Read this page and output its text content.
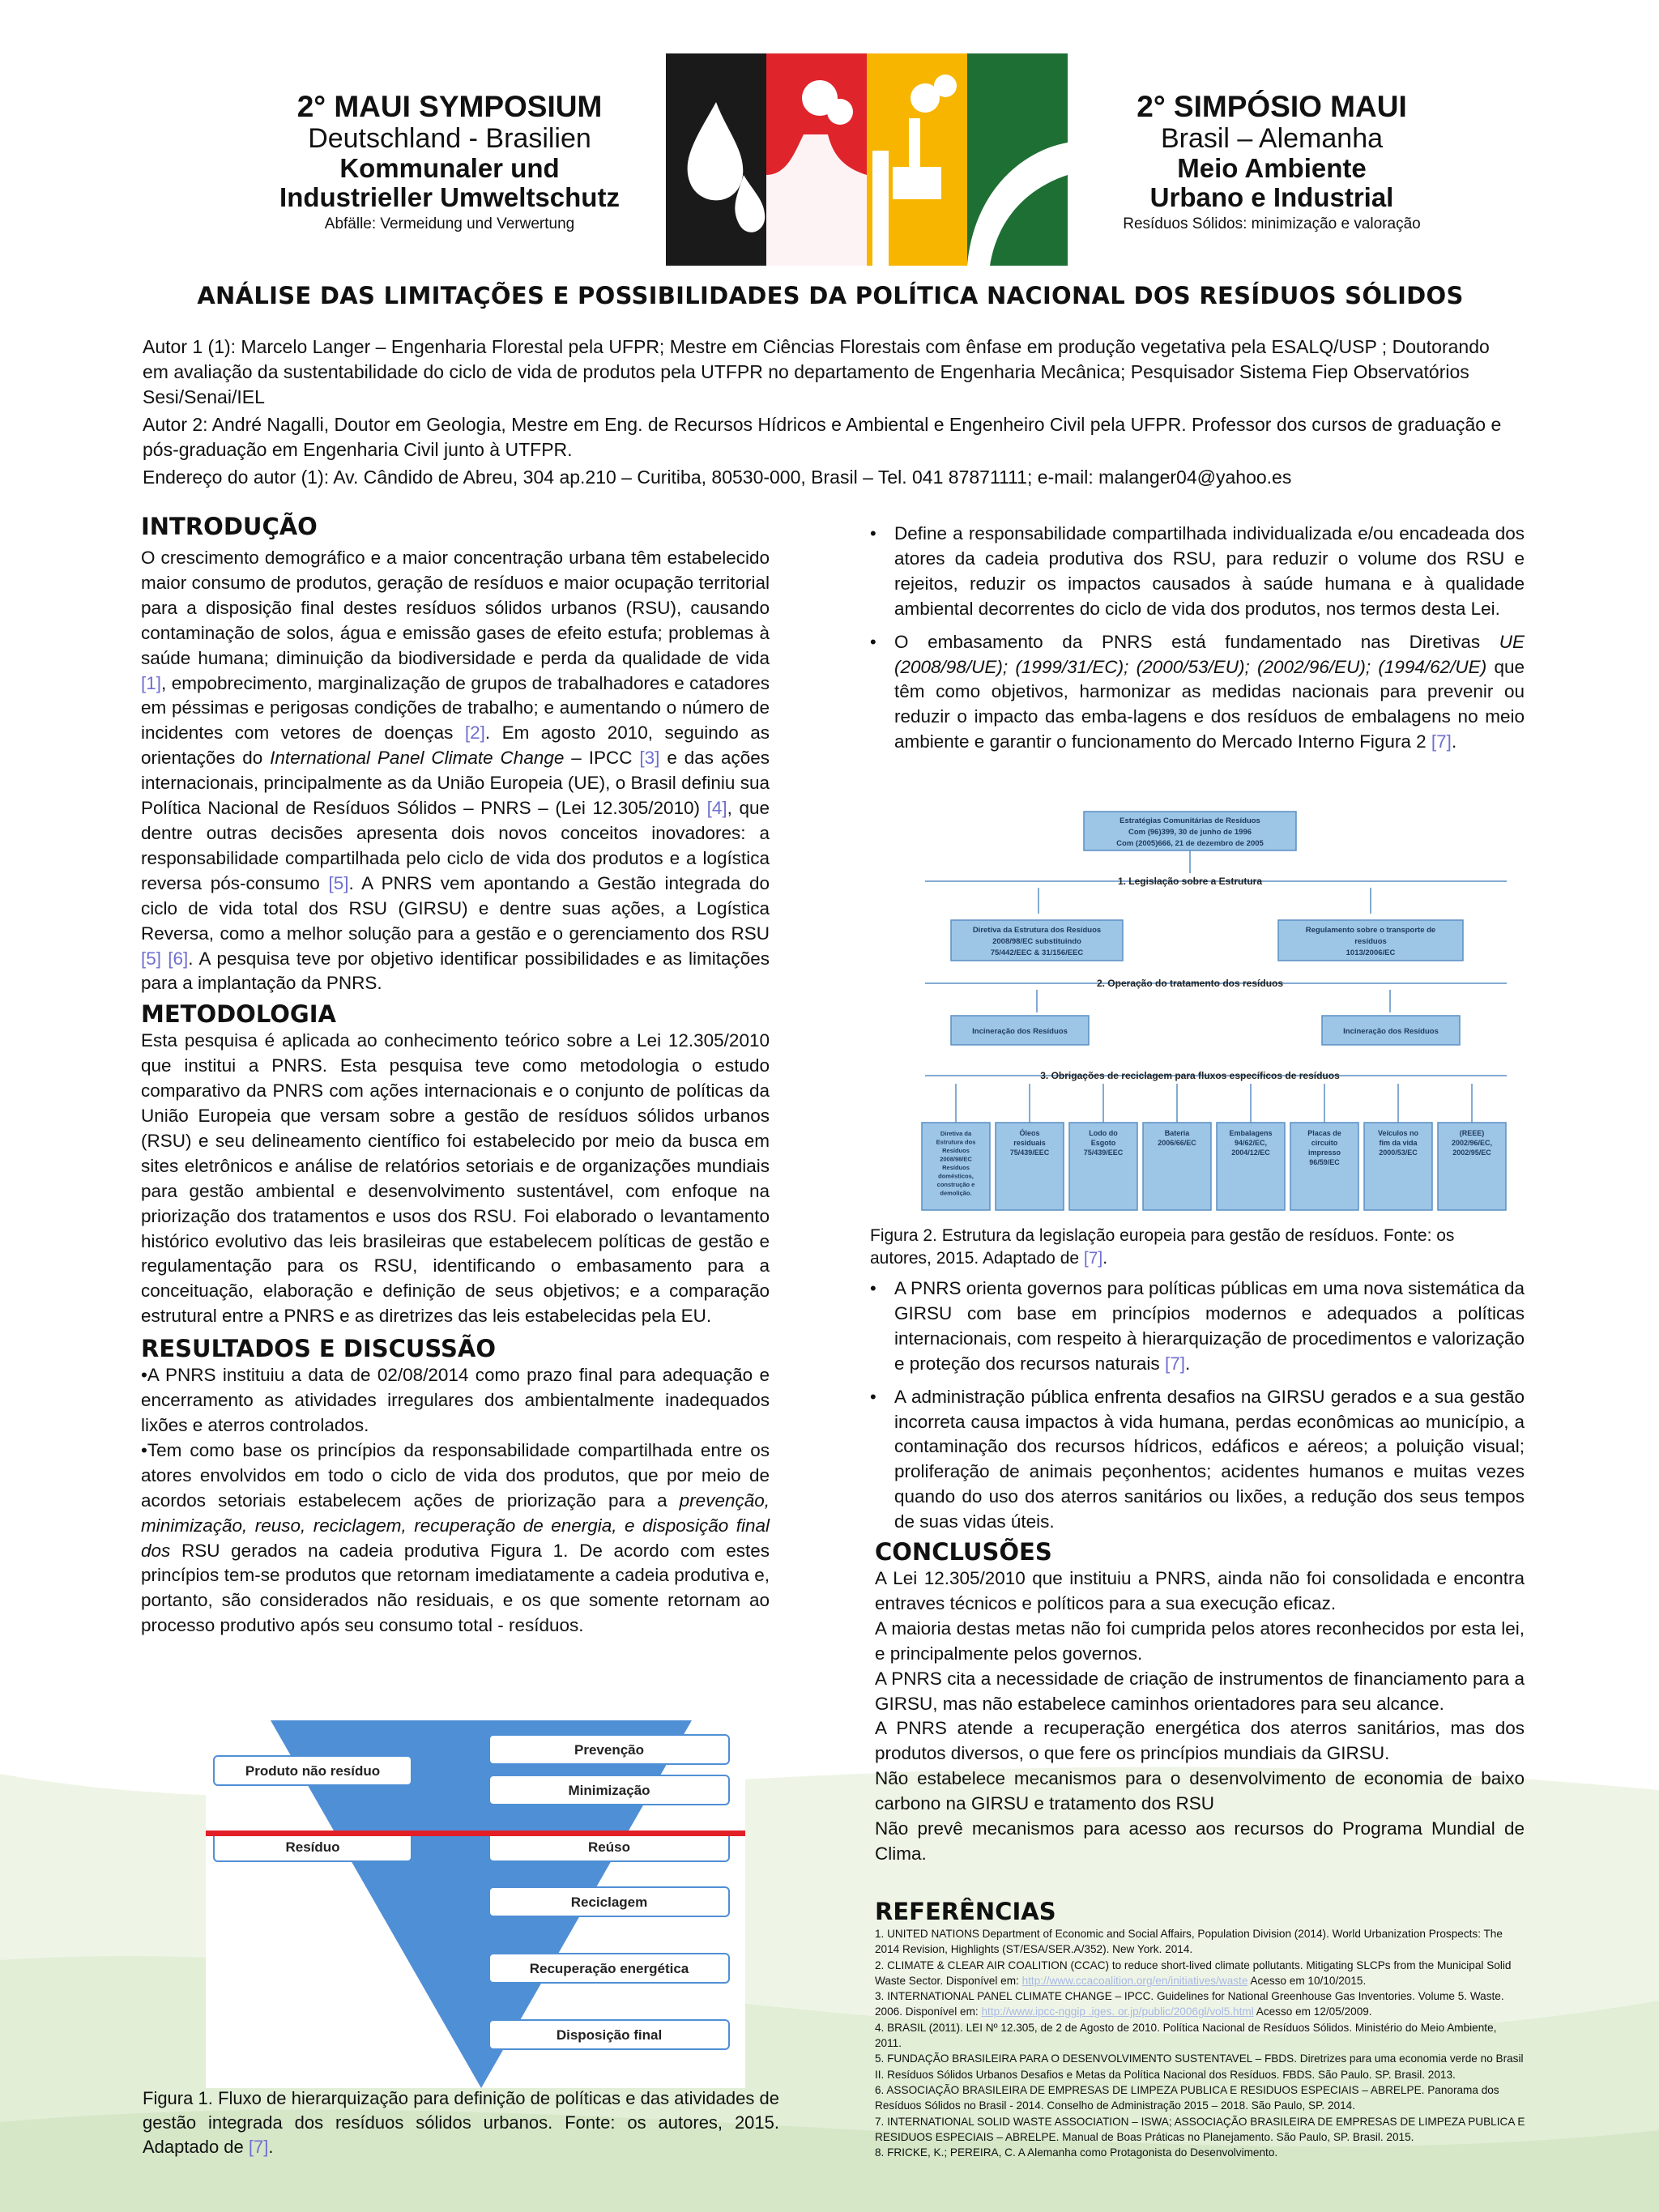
2° MAUI SYMPOSIUM
Deutschland - Brasilien
Kommunaler und
Industrieller Umweltschutz
Abfälle: Vermeidung und Verwertung
2° SIMPÓSIO MAUI
Brasil – Alemanha
Meio Ambiente
Urbano e Industrial
Resíduos Sólidos: minimização e valoração
ANÁLISE DAS LIMITAÇÕES E POSSIBILIDADES DA POLÍTICA NACIONAL DOS RESÍDUOS SÓLIDOS

Autor 1 (1): Marcelo Langer – Engenharia Florestal pela UFPR; Mestre em Ciências Florestais com ênfase em produção vegetativa pela ESALQ/USP ; Doutorando em avaliação da sustentabilidade do ciclo de vida de produtos pela UTFPR no departamento de Engenharia Mecânica; Pesquisador Sistema Fiep Observatórios Sesi/Senai/IEL

Autor 2: André Nagalli, Doutor em Geologia, Mestre em Eng. de Recursos Hídricos e Ambiental e Engenheiro Civil pela UFPR. Professor dos cursos de graduação e pós-graduação em Engenharia Civil junto à UTFPR.

Endereço do autor (1): Av. Cândido de Abreu, 304 ap.210 – Curitiba, 80530-000, Brasil – Tel. 041 87871111; e-mail: malanger04@yahoo.es

INTRODUÇÃO

O crescimento demográfico e a maior concentração urbana têm estabelecido maior consumo de produtos, geração de resíduos e maior ocupação territorial para a disposição final destes resíduos sólidos urbanos (RSU), causando contaminação de solos, água e emissão gases de efeito estufa; problemas à saúde humana; diminuição da biodiversidade e perda da qualidade de vida [1], empobrecimento, marginalização de grupos de trabalhadores e catadores em péssimas e perigosas condições de trabalho; e aumentando o número de incidentes com vetores de doenças [2]. Em agosto 2010, seguindo as orientações do International Panel Climate Change – IPCC [3] e das ações internacionais, principalmente as da União Europeia (UE), o Brasil definiu sua Política Nacional de Resíduos Sólidos – PNRS – (Lei 12.305/2010) [4], que dentre outras decisões apresenta dois novos conceitos inovadores: a responsabilidade compartilhada pelo ciclo de vida dos produtos e a logística reversa pós-consumo [5]. A PNRS vem apontando a Gestão integrada do ciclo de vida total dos RSU (GIRSU) e dentre suas ações, a Logística Reversa, como a melhor solução para a gestão e o gerenciamento dos RSU [5] [6]. A pesquisa teve por objetivo identificar possibilidades e as limitações para a implantação da PNRS.

METODOLOGIA

Esta pesquisa é aplicada ao conhecimento teórico sobre a Lei 12.305/2010 que institui a PNRS. Esta pesquisa teve como metodologia o estudo comparativo da PNRS com ações internacionais e o conjunto de políticas da União Europeia que versam sobre a gestão de resíduos sólidos urbanos (RSU) e seu delineamento científico foi estabelecido por meio da busca em sites eletrônicos e análise de relatórios setoriais e de organizações mundiais para gestão ambiental e desenvolvimento sustentável, com enfoque na priorização dos tratamentos e usos dos RSU. Foi elaborado o levantamento histórico evolutivo das leis brasileiras que estabelecem políticas de gestão e regulamentação para os RSU, identificando o embasamento para a conceituação, elaboração e definição de seus objetivos; e a comparação estrutural entre a PNRS e as diretrizes das leis estabelecidas pela EU.

RESULTADOS E DISCUSSÃO

•A PNRS instituiu a data de 02/08/2014 como prazo final para adequação e encerramento as atividades irregulares dos ambientalmente inadequados lixões e aterros controlados.

•Tem como base os princípios da responsabilidade compartilhada entre os atores envolvidos em todo o ciclo de vida dos produtos, que por meio de acordos setoriais estabelecem ações de priorização para a prevenção, minimização, reuso, reciclagem, recuperação de energia, e disposição final dos RSU gerados na cadeia produtiva Figura 1. De acordo com estes princípios tem-se produtos que retornam imediatamente a cadeia produtiva e, portanto, são considerados não residuais, e os que somente retornam ao processo produtivo após seu consumo total - resíduos.

Produto não resíduo
Resíduo
Prevenção
Minimização
Reúso
Reciclagem
Recuperação energética
Disposição final
Figura 1. Fluxo de hierarquização para definição de políticas e das atividades de gestão integrada dos resíduos sólidos urbanos. Fonte: os autores, 2015. Adaptado de [7].
• Define a responsabilidade compartilhada individualizada e/ou encadeada dos atores da cadeia produtiva dos RSU, para reduzir o volume dos RSU e rejeitos, reduzir os impactos causados à saúde humana e à qualidade ambiental decorrentes do ciclo de vida dos produtos, nos termos desta Lei.
• O embasamento da PNRS está fundamentado nas Diretivas UE (2008/98/UE); (1999/31/EC); (2000/53/EU); (2002/96/EU); (1994/62/UE) que têm como objetivos, harmonizar as medidas nacionais para prevenir ou reduzir o impacto das emba-lagens e dos resíduos de embalagens no meio ambiente e garantir o funcionamento do Mercado Interno Figura 2 [7].
Estratégias Comunitárias de Resíduos
Com (96)399, 30 de junho de 1996
Com (2005)666, 21 de dezembro de 2005
1. Legislação sobre a Estrutura
Diretiva da Estrutura dos Resíduos
2008/98/EC substituindo
75/442/EEC & 31/156/EEC
Regulamento sobre o transporte de
resíduos
1013/2006/EC
2. Operação do tratamento dos resíduos
Incineração dos Resíduos	Incineração dos Resíduos
3. Obrigações de reciclagem para fluxos específicos de resíduos
Diretiva da
Estrutura dos
Resíduos
2008/98/EC
Resíduos
domésticos,
construção e
demolição.
Óleos
residuais
75/439/EEC
Lodo do
Esgoto
75/439/EEC
Bateria
2006/66/EC
Embalagens
94/62/EC,
2004/12/EC
Placas de
circuito
impresso
96/59/EC
Veículos no
fim da vida
2000/53/EC
(REEE)
2002/96/EC,
2002/95/EC
Figura 2. Estrutura da legislação europeia para gestão de resíduos. Fonte: os autores, 2015. Adaptado de [7].
• A PNRS orienta governos para políticas públicas em uma nova sistemática da GIRSU com base em princípios modernos e adequados a políticas internacionais, com respeito à hierarquização de procedimentos e valorização e proteção dos recursos naturais [7].
• A administração pública enfrenta desafios na GIRSU gerados e a sua gestão incorreta causa impactos à vida humana, perdas econômicas ao município, a contaminação dos recursos hídricos, edáficos e aéreos; a poluição visual; proliferação de animais peçonhentos; acidentes humanos e muitas vezes quando do uso dos aterros sanitários ou lixões, a redução dos seus tempos de suas vidas úteis.
CONCLUSÕES

A Lei 12.305/2010 que instituiu a PNRS, ainda não foi consolidada e encontra entraves técnicos e políticos para a sua execução eficaz.

A maioria destas metas não foi cumprida pelos atores reconhecidos por esta lei, e principalmente pelos governos.

A PNRS cita a necessidade de criação de instrumentos de financiamento para a GIRSU, mas não estabelece caminhos orientadores para seu alcance.

A PNRS atende a recuperação energética dos aterros sanitários, mas dos produtos diversos, o que fere os princípios mundiais da GIRSU.

Não estabelece mecanismos para o desenvolvimento de economia de baixo carbono na GIRSU e tratamento dos RSU

Não prevê mecanismos para acesso aos recursos do Programa Mundial de Clima.

REFERÊNCIAS

1. UNITED NATIONS Department of Economic and Social Affairs, Population Division (2014). World Urbanization Prospects: The 2014 Revision, Highlights (ST/ESA/SER.A/352). New York. 2014.

2. CLIMATE & CLEAR AIR COALITION (CCAC) to reduce short-lived climate pollutants. Mitigating SLCPs from the Municipal Solid Waste Sector. Disponível em: http://www.ccacoalition.org/en/initiatives/waste Acesso em 10/10/2015.

3. INTERNATIONAL PANEL CLIMATE CHANGE – IPCC. Guidelines for National Greenhouse Gas Inventories. Volume 5. Waste. 2006. Disponível em: http://www.ipcc-nggip .iges. or.jp/public/2006gl/vol5.html Acesso em 12/05/2009.

4. BRASIL (2011). LEI Nº 12.305, de 2 de Agosto de 2010. Política Nacional de Resíduos Sólidos. Ministério do Meio Ambiente, 2011.

5. FUNDAÇÃO BRASILEIRA PARA O DESENVOLVIMENTO SUSTENTAVEL – FBDS. Diretrizes para uma economia verde no Brasil II. Resíduos Sólidos Urbanos Desafios e Metas da Política Nacional dos Resíduos. FBDS. São Paulo. SP. Brasil. 2013.

6. ASSOCIAÇÃO BRASILEIRA DE EMPRESAS DE LIMPEZA PUBLICA E RESIDUOS ESPECIAIS – ABRELPE. Panorama dos Resíduos Sólidos no Brasil - 2014. Conselho de Administração 2015 – 2018. São Paulo, SP. 2014.

7. INTERNATIONAL SOLID WASTE ASSOCIATION – ISWA; ASSOCIAÇÃO BRASILEIRA DE EMPRESAS DE LIMPEZA PUBLICA E RESIDUOS ESPECIAIS – ABRELPE. Manual de Boas Práticas no Planejamento. São Paulo, SP. Brasil. 2015.

8. FRICKE, K.; PEREIRA, C. A Alemanha como Protagonista do Desenvolvimento.
